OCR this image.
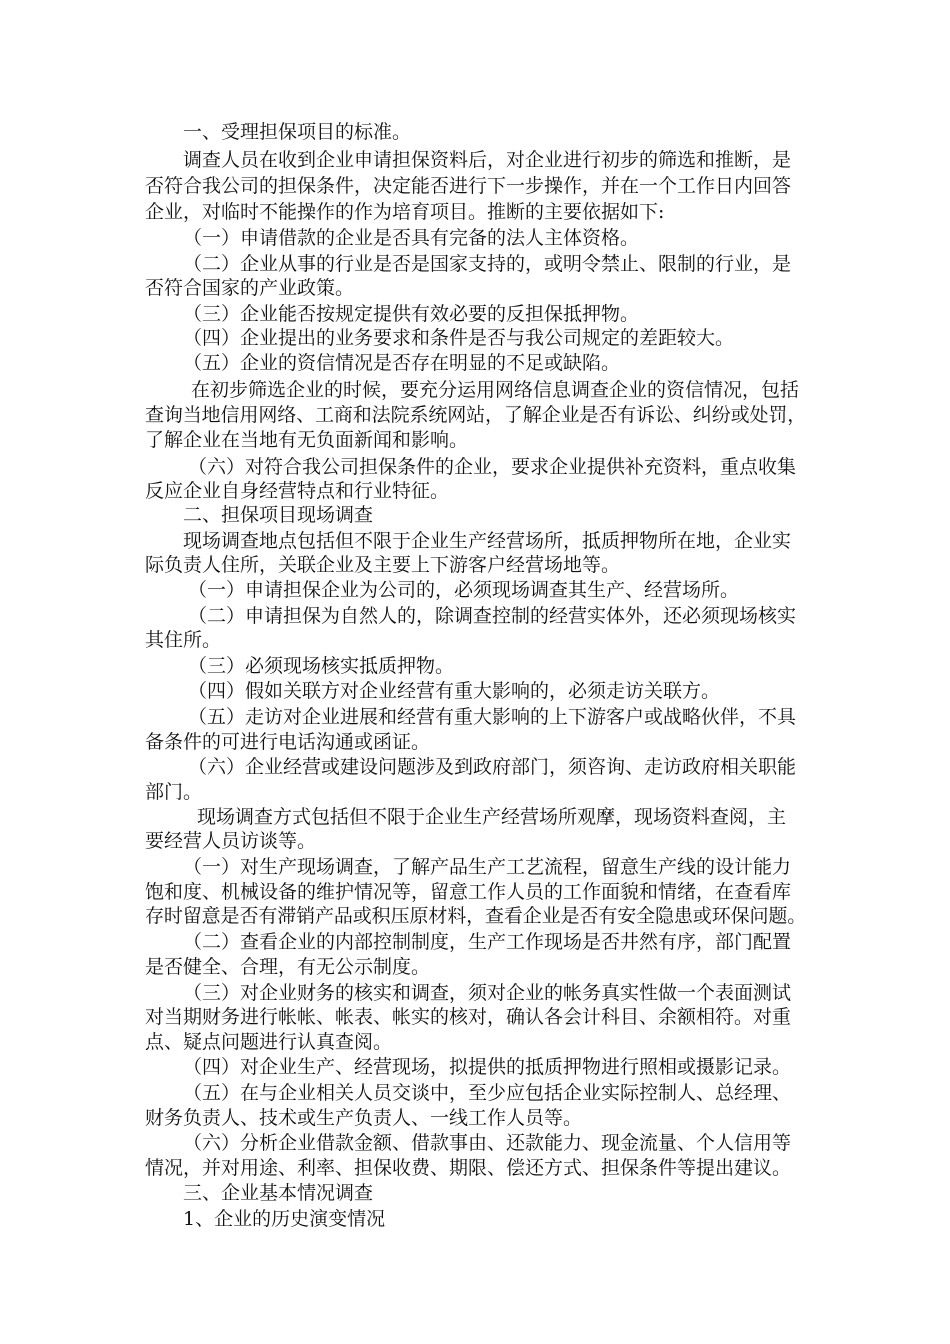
一、受理担保项目的标准。
调查人员在收到企业申请担保资料后，对企业进行初步的筛选和推断，是
否符合我公司的担保条件，决定能否进行下一步操作，并在一个工作日内回答
企业，对临时不能操作的作为培育项目。推断的主要依据如下:
（一）申请借款的企业是否具有完备的法人主体资格。
（二）企业从事的行业是否是国家支持的，或明令禁止、限制的行业，是
否符合国家的产业政策。
（三）企业能否按规定提供有效必要的反担保抵押物。
（四）企业提出的业务要求和条件是否与我公司规定的差距较大。
（五）企业的资信情况是否存在明显的不足或缺陷。
在初步筛选企业的时候，要充分运用网络信息调查企业的资信情况，包括
查询当地信用网络、工商和法院系统网站，了解企业是否有诉讼、纠纷或处罚，
了解企业在当地有无负面新闻和影响。
（六）对符合我公司担保条件的企业，要求企业提供补充资料，重点收集
反应企业自身经营特点和行业特征。
二、担保项目现场调查
现场调查地点包括但不限于企业生产经营场所，抵质押物所在地，企业实
际负责人住所，关联企业及主要上下游客户经营场地等。
（一）申请担保企业为公司的，必须现场调查其生产、经营场所。
（二）申请担保为自然人的，除调查控制的经营实体外，还必须现场核实
其住所。
（三）必须现场核实抵质押物。
（四）假如关联方对企业经营有重大影响的，必须走访关联方。
（五）走访对企业进展和经营有重大影响的上下游客户或战略伙伴，不具
备条件的可进行电话沟通或函证。
（六）企业经营或建设问题涉及到政府部门，须咨询、走访政府相关职能
部门。
现场调查方式包括但不限于企业生产经营场所观摩，现场资料查阅，主
要经营人员访谈等。
（一）对生产现场调查，了解产品生产工艺流程，留意生产线的设计能力
饱和度、机械设备的维护情况等，留意工作人员的工作面貌和情绪，在查看库
存时留意是否有滞销产品或积压原材料，查看企业是否有安全隐患或环保问题。
（二）查看企业的内部控制制度，生产工作现场是否井然有序，部门配置
是否健全、合理，有无公示制度。
（三）对企业财务的核实和调查，须对企业的帐务真实性做一个表面测试
对当期财务进行帐帐、帐表、帐实的核对，确认各会计科目、余额相符。对重
点、疑点问题进行认真查阅。
（四）对企业生产、经营现场，拟提供的抵质押物进行照相或摄影记录。
（五）在与企业相关人员交谈中，至少应包括企业实际控制人、总经理、
财务负责人、技术或生产负责人、一线工作人员等。
（六）分析企业借款金额、借款事由、还款能力、现金流量、个人信用等
情况，并对用途、利率、担保收费、期限、偿还方式、担保条件等提出建议。
三、企业基本情况调查
1、企业的历史演变情况
